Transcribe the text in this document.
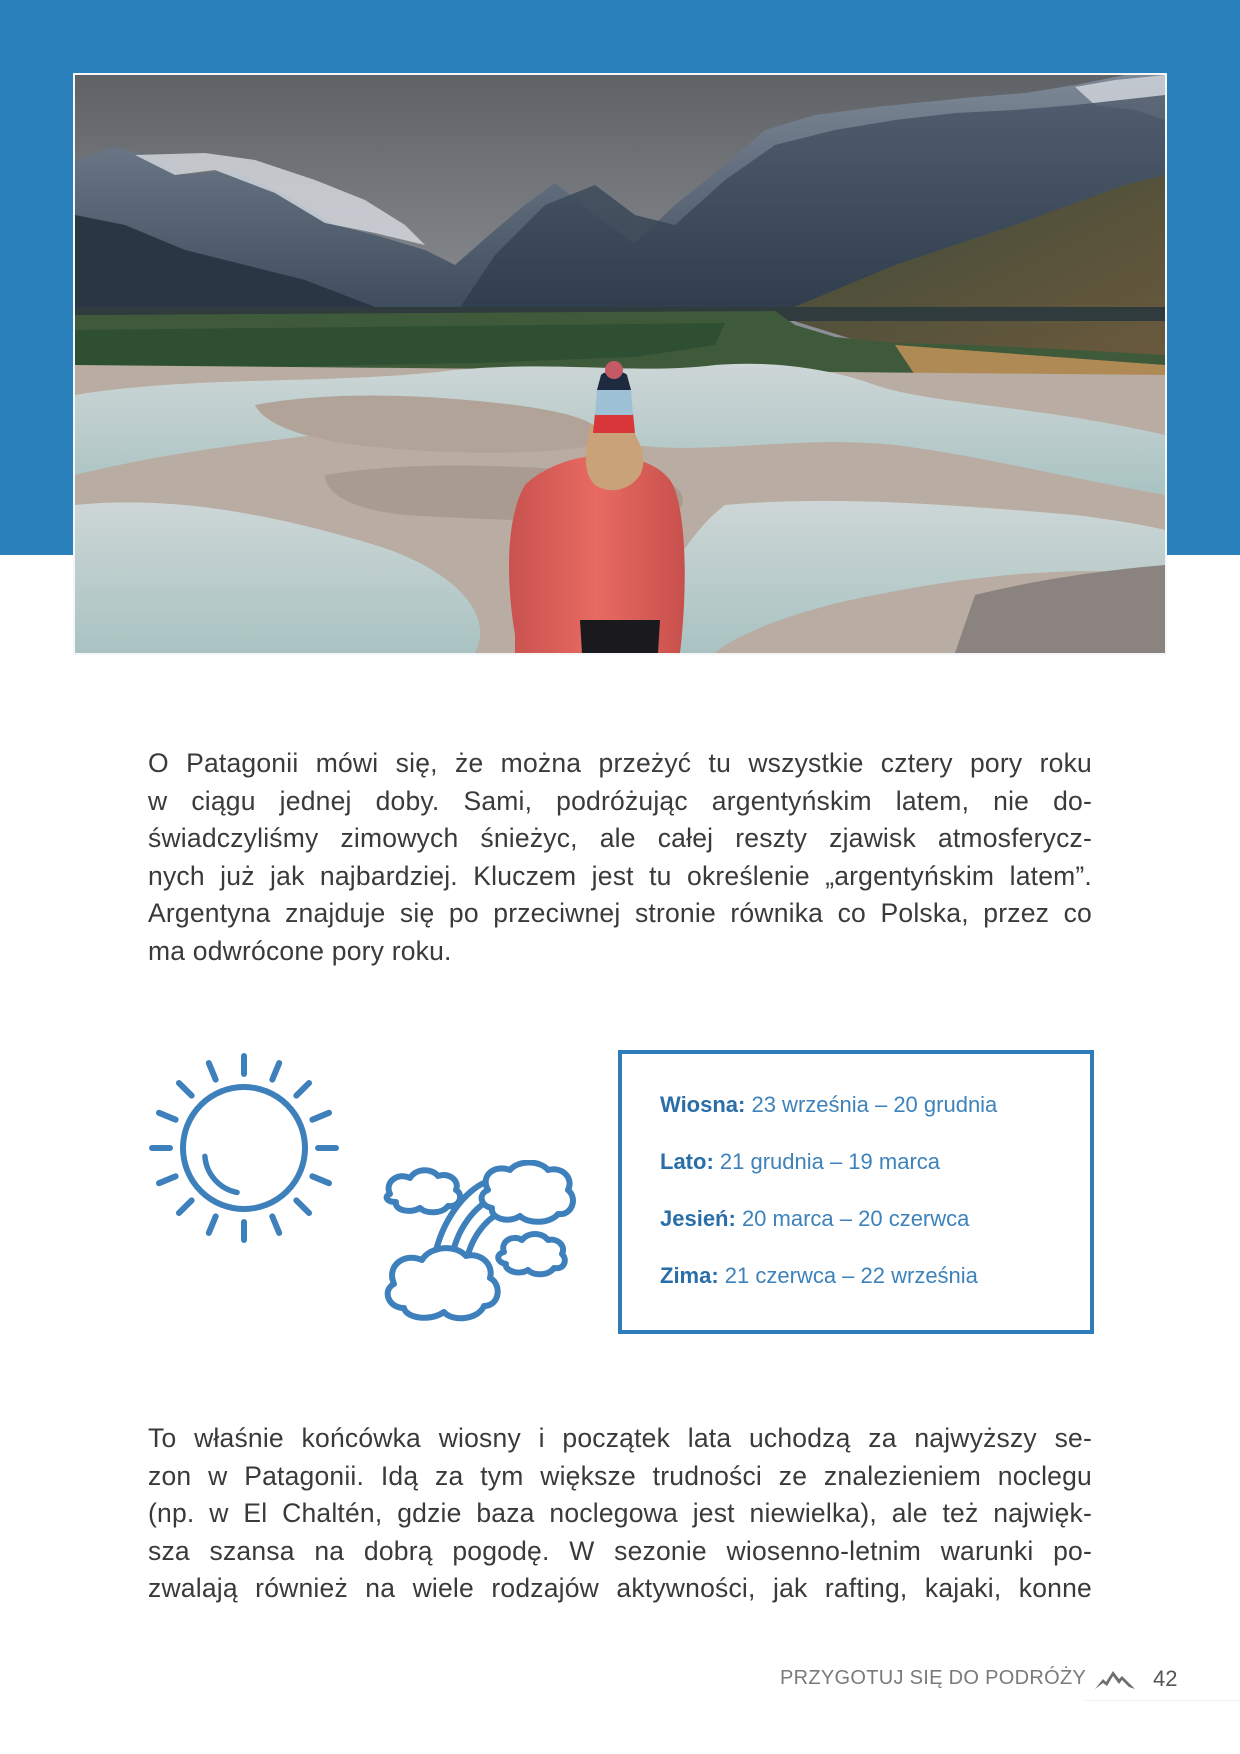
O Patagonii mówi się, że można przeżyć tu wszystkie cztery pory roku
w ciągu jednej doby. Sami, podróżując argentyńskim latem, nie do-
świadczyliśmy zimowych śnieżyc, ale całej reszty zjawisk atmosferycz-
nych już jak najbardziej. Kluczem jest tu określenie „argentyńskim latem”.
Argentyna znajduje się po przeciwnej stronie równika co Polska, przez co
ma odwrócone pory roku.
Wiosna: 23 września – 20 grudnia
Lato: 21 grudnia – 19 marca
Jesień: 20 marca – 20 czerwca
Zima: 21 czerwca – 22 września
To właśnie końcówka wiosny i początek lata uchodzą za najwyższy se-
zon w Patagonii. Idą za tym większe trudności ze znalezieniem noclegu
(np. w El Chaltén, gdzie baza noclegowa jest niewielka), ale też najwięk-
sza szansa na dobrą pogodę. W sezonie wiosenno-letnim warunki po-
zwalają również na wiele rodzajów aktywności, jak rafting, kajaki, konne
PRZYGOTUJ SIĘ DO PODRÓŻY	42
